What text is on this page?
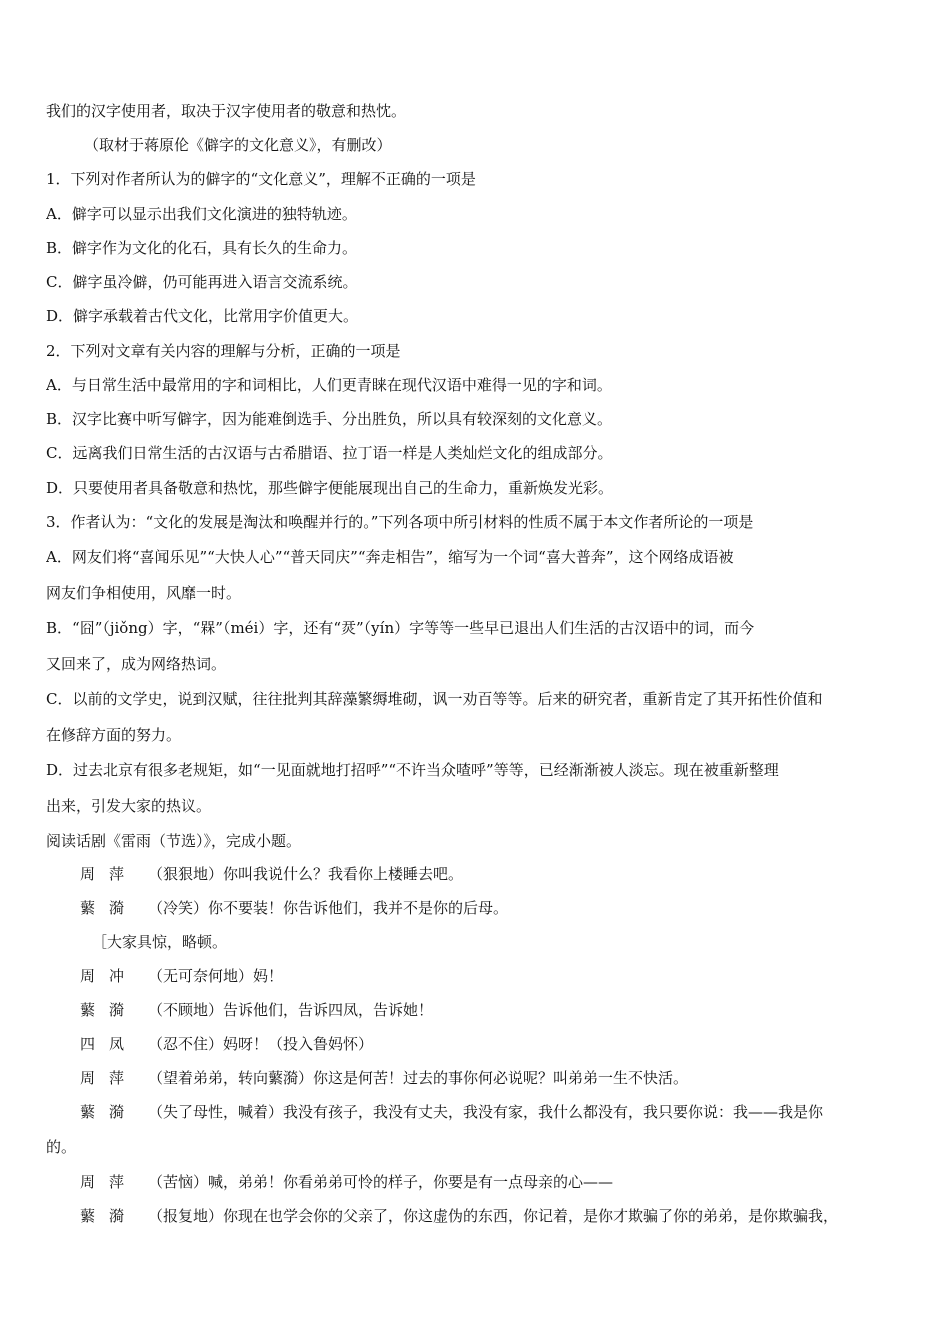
我们的汉字使用者，取决于汉字使用者的敬意和热忱。
（取材于蒋原伦《僻字的文化意义》，有删改）
1．下列对作者所认为的僻字的“文化意义”，理解不正确的一项是
A．僻字可以显示出我们文化演进的独特轨迹。
B．僻字作为文化的化石，具有长久的生命力。
C．僻字虽冷僻，仍可能再进入语言交流系统。
D．僻字承载着古代文化，比常用字价值更大。
2．下列对文章有关内容的理解与分析，正确的一项是
A．与日常生活中最常用的字和词相比，人们更青睐在现代汉语中难得一见的字和词。
B．汉字比赛中听写僻字，因为能难倒选手、分出胜负，所以具有较深刻的文化意义。
C．远离我们日常生活的古汉语与古希腊语、拉丁语一样是人类灿烂文化的组成部分。
D．只要使用者具备敬意和热忱，那些僻字便能展现出自己的生命力，重新焕发光彩。
3．作者认为：“文化的发展是淘汰和唤醒并行的。”下列各项中所引材料的性质不属于本文作者所论的一项是
A．网友们将“喜闻乐见”“大快人心”“普天同庆”“奔走相告”，缩写为一个词“喜大普奔”，这个网络成语被
网友们争相使用，风靡一时。
B．“囧”（jiǒng）字，“槑”（méi）字，还有“烎”（yín）字等等一些早已退出人们生活的古汉语中的词，而今
又回来了，成为网络热词。
C．以前的文学史，说到汉赋，往往批判其辞藻繁缛堆砌，讽一劝百等等。后来的研究者，重新肯定了其开拓性价值和
在修辞方面的努力。
D．过去北京有很多老规矩，如“一见面就地打招呼”“不许当众喳呼”等等，已经渐渐被人淡忘。现在被重新整理
出来，引发大家的热议。
阅读话剧《雷雨（节选）》，完成小题。
周萍 （狠狠地）你叫我说什么？我看你上楼睡去吧。
蘩漪 （冷笑）你不要装！你告诉他们，我并不是你的后母。
［大家具惊，略顿。
周冲 （无可奈何地）妈！
蘩漪 （不顾地）告诉他们，告诉四凤，告诉她！
四凤 （忍不住）妈呀！（投入鲁妈怀）
周萍 （望着弟弟，转向蘩漪）你这是何苦！过去的事你何必说呢？叫弟弟一生不快活。
蘩漪 （失了母性，喊着）我没有孩子，我没有丈夫，我没有家，我什么都没有，我只要你说：我——我是你
的。
周萍 （苦恼）喊，弟弟！你看弟弟可怜的样子，你要是有一点母亲的心——
蘩漪 （报复地）你现在也学会你的父亲了，你这虚伪的东西，你记着，是你才欺骗了你的弟弟，是你欺骗我，
